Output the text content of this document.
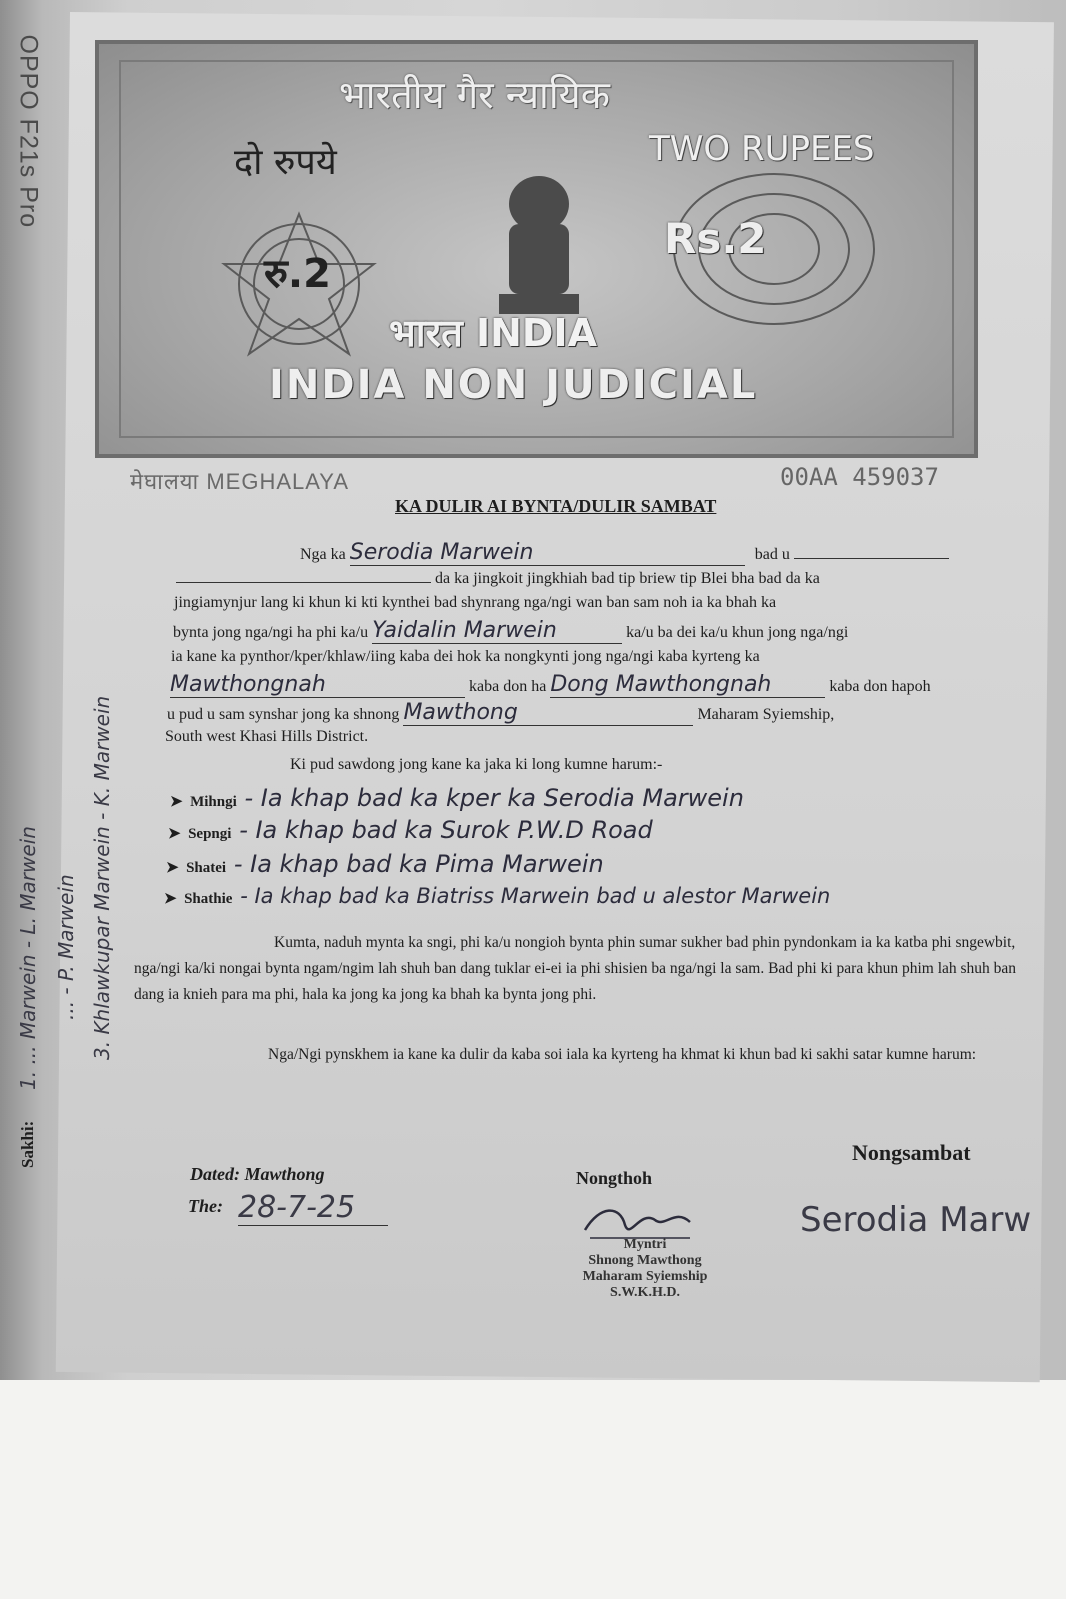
OPPO F21s Pro	भारतीय गैर न्यायिक
दो रुपये	TWO RUPEES
रु.2
Rs.2
भारत INDIA
INDIA NON JUDICIAL
मेघालया MEGHALAYA	00AA 459037
KA DULIR AI BYNTA/DULIR SAMBAT
Nga ka Serodia Marwein	bad u
da ka jingkoit jingkhiah bad tip briew tip Blei bha bad da ka
jingiamynjur lang ki khun ki kti kynthei bad shynrang nga/ngi wan ban sam noh ia ka bhah ka
bynta jong nga/ngi ha phi ka/u Yaidalin Marwein	ka/u ba dei ka/u khun jong nga/ngi
ia kane ka pynthor/kper/khlaw/iing kaba dei hok ka nongkynti jong nga/ngi kaba kyrteng ka
Mawthongnah	kaba don ha Dong Mawthongnah	kaba don hapoh
u pud u sam synshar jong ka shnong Mawthong	Maharam Syiemship,
South west Khasi Hills District.
Ki pud sawdong jong kane ka jaka ki long kumne harum:-
➤ Mihngi - Ia khap bad ka kper ka Serodia Marwein
➤ Sepngi - Ia khap bad ka Surok P.W.D Road
➤ Shatei - Ia khap bad ka Pima Marwein
➤ Shathie - Ia khap bad ka Biatriss Marwein bad u alestor Marwein
Kumta, naduh mynta ka sngi, phi ka/u nongioh bynta phin sumar sukher bad phin pyndonkam ia ka katba phi sngewbit, nga/ngi ka/ki nongai bynta ngam/ngim lah shuh ban dang tuklar ei-ei ia phi shisien ba nga/ngi la sam. Bad phi ki para khun phim lah shuh ban dang ia knieh para ma phi, hala ka jong ka jong ka bhah ka bynta jong phi.
Nga/Ngi pynskhem ia kane ka dulir da kaba soi iala ka kyrteng ha khmat ki khun bad ki sakhi satar kumne harum:
Sakhi:
1. ... Marwein - L. Marwein ... - P. Marwein 3. Khlawkupar Marwein - K. Marwein
Nongsambat
Serodia Marw
Dated: Mawthong
The: 28-7-25
Nongthoh
Myntri
Shnong Mawthong
Maharam Syiemship
S.W.K.H.D.
